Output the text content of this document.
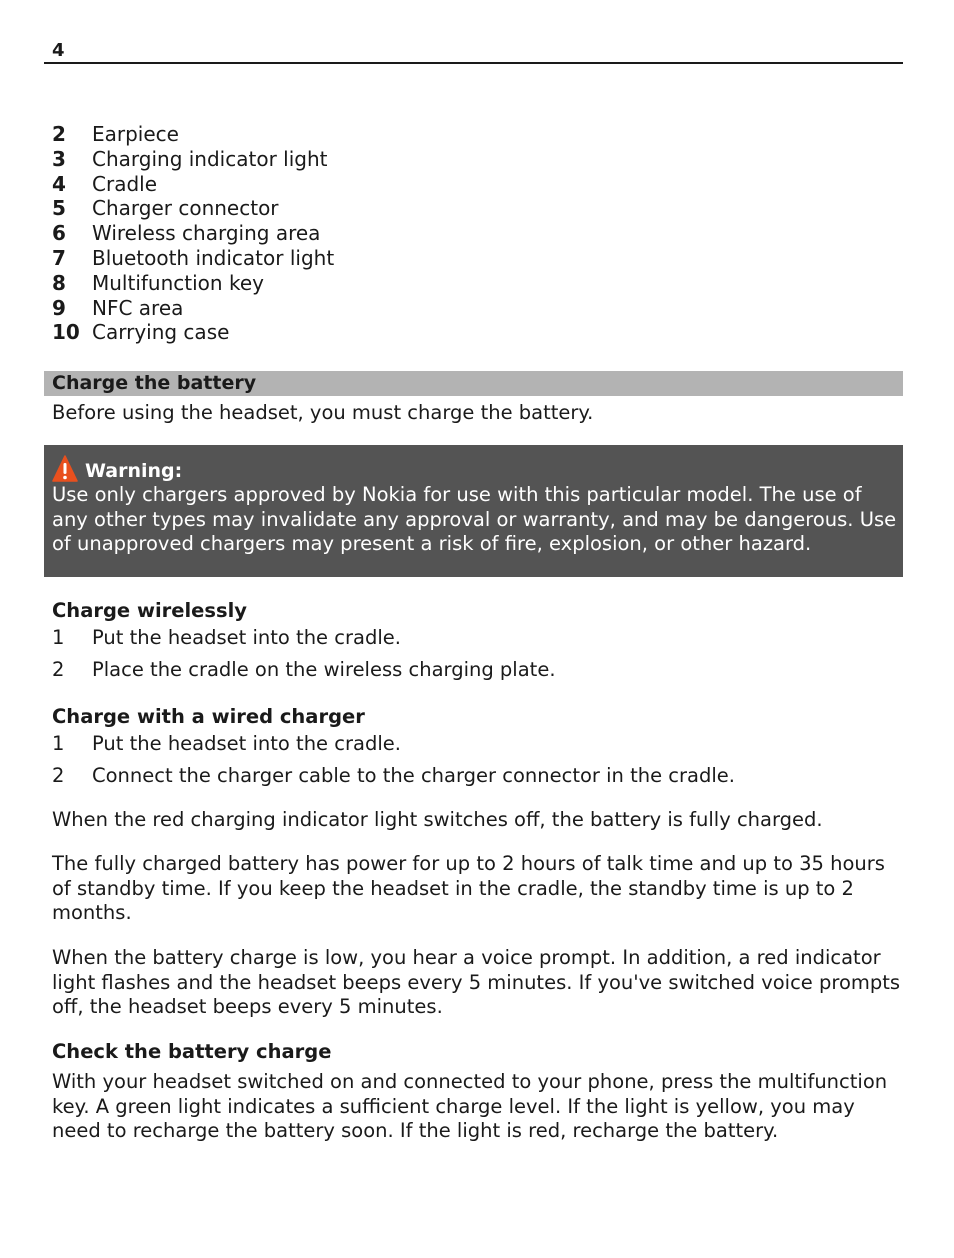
4
2	Earpiece
3	Charging indicator light
4	Cradle
5	Charger connector
6	Wireless charging area
7	Bluetooth indicator light
8	Multifunction key
9	NFC area
10 Carrying case
Charge the battery

Before using the headset, you must charge the battery.

Warning:

Use only chargers approved by Nokia for use with this particular model. The use of any other types may invalidate any approval or warranty, and may be dangerous. Use of unapproved chargers may present a risk of fire, explosion, or other hazard.

Charge wirelessly
1	Put the headset into the cradle.
2	Place the cradle on the wireless charging plate.
Charge with a wired charger
1	Put the headset into the cradle.
2	Connect the charger cable to the charger connector in the cradle.

When the red charging indicator light switches off, the battery is fully charged.

The fully charged battery has power for up to 2 hours of talk time and up to 35 hours of standby time. If you keep the headset in the cradle, the standby time is up to 2 months.

When the battery charge is low, you hear a voice prompt. In addition, a red indicator light flashes and the headset beeps every 5 minutes. If you've switched voice prompts off, the headset beeps every 5 minutes.

Check the battery charge

With your headset switched on and connected to your phone, press the multifunction key. A green light indicates a sufficient charge level. If the light is yellow, you may need to recharge the battery soon. If the light is red, recharge the battery.
